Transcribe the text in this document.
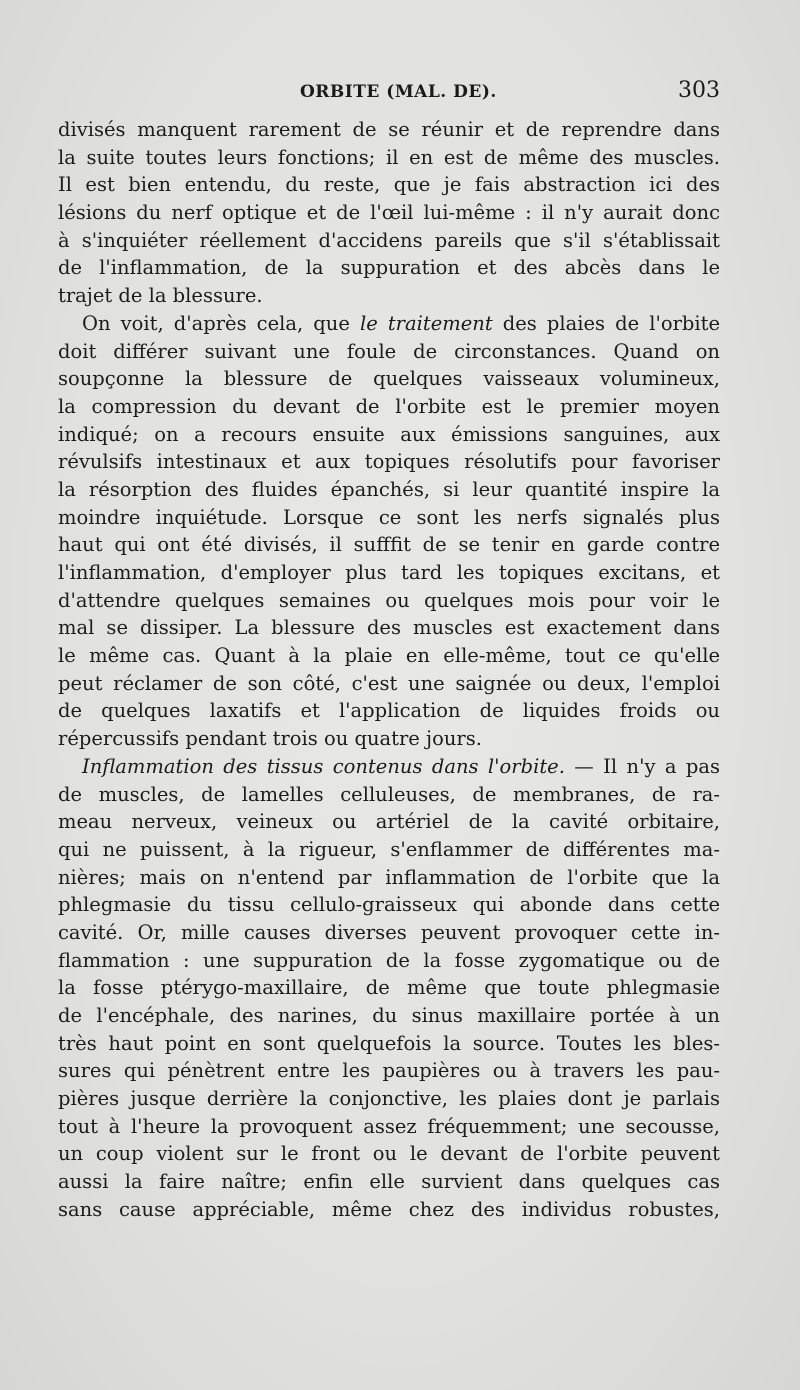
ORBITE (MAL. DE).	303
divisés manquent rarement de se réunir et de reprendre dans
la suite toutes leurs fonctions; il en est de même des muscles.
Il est bien entendu, du reste, que je fais abstraction ici des
lésions du nerf optique et de l'œil lui-même : il n'y aurait donc
à s'inquiéter réellement d'accidens pareils que s'il s'établissait
de l'inflammation, de la suppuration et des abcès dans le
trajet de la blessure.
On voit, d'après cela, que le traitement des plaies de l'orbite
doit différer suivant une foule de circonstances. Quand on
soupçonne la blessure de quelques vaisseaux volumineux,
la compression du devant de l'orbite est le premier moyen
indiqué; on a recours ensuite aux émissions sanguines, aux
révulsifs intestinaux et aux topiques résolutifs pour favoriser
la résorption des fluides épanchés, si leur quantité inspire la
moindre inquiétude. Lorsque ce sont les nerfs signalés plus
haut qui ont été divisés, il sufffit de se tenir en garde contre
l'inflammation, d'employer plus tard les topiques excitans, et
d'attendre quelques semaines ou quelques mois pour voir le
mal se dissiper. La blessure des muscles est exactement dans
le même cas. Quant à la plaie en elle-même, tout ce qu'elle
peut réclamer de son côté, c'est une saignée ou deux, l'emploi
de quelques laxatifs et l'application de liquides froids ou
répercussifs pendant trois ou quatre jours.
Inflammation des tissus contenus dans l'orbite. — Il n'y a pas
de muscles, de lamelles celluleuses, de membranes, de ra-
meau nerveux, veineux ou artériel de la cavité orbitaire,
qui ne puissent, à la rigueur, s'enflammer de différentes ma-
nières; mais on n'entend par inflammation de l'orbite que la
phlegmasie du tissu cellulo-graisseux qui abonde dans cette
cavité. Or, mille causes diverses peuvent provoquer cette in-
flammation : une suppuration de la fosse zygomatique ou de
la fosse ptérygo-maxillaire, de même que toute phlegmasie
de l'encéphale, des narines, du sinus maxillaire portée à un
très haut point en sont quelquefois la source. Toutes les bles-
sures qui pénètrent entre les paupières ou à travers les pau-
pières jusque derrière la conjonctive, les plaies dont je parlais
tout à l'heure la provoquent assez fréquemment; une secousse,
un coup violent sur le front ou le devant de l'orbite peuvent
aussi la faire naître; enfin elle survient dans quelques cas
sans cause appréciable, même chez des individus robustes,
